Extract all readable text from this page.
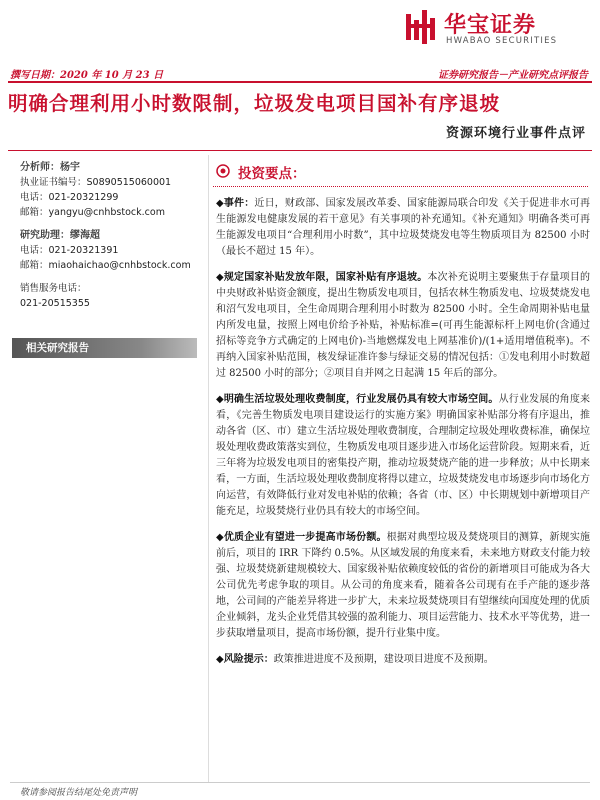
华宝证券
HWABAO SECURITIES
撰写日期：2020 年 10 月 23 日	证券研究报告－产业研究点评报告
明确合理利用小时数限制，垃圾发电项目国补有序退坡
资源环境行业事件点评
分析师：杨宇
执业证书编号：S0890515060001
电话：021-20321299
邮箱：yangyu@cnhbstock.com
研究助理：缪海超
电话：021-20321391
邮箱：miaohaichao@cnhbstock.com
销售服务电话：
021-20515355
相关研究报告
投资要点：

◆事件：近日，财政部、国家发展改革委、国家能源局联合印发《关于促进非水可再生能源发电健康发展的若干意见》有关事项的补充通知。《补充通知》明确各类可再生能源发电项目“合理利用小时数”，其中垃圾焚烧发电等生物质项目为 82500 小时（最长不超过 15 年）。

◆规定国家补贴发放年限，国家补贴有序退坡。本次补充说明主要聚焦于存量项目的中央财政补贴资金额度，提出生物质发电项目，包括农林生物质发电、垃圾焚烧发电和沼气发电项目，全生命周期合理利用小时数为 82500 小时。全生命周期补贴电量内所发电量，按照上网电价给予补贴，补贴标准=(可再生能源标杆上网电价(含通过招标等竞争方式确定的上网电价)-当地燃煤发电上网基准价)/(1+适用增值税率)。不再纳入国家补贴范围，核发绿证准许参与绿证交易的情况包括：①发电利用小时数超过 82500 小时的部分；②项目自并网之日起满 15 年后的部分。

◆明确生活垃圾处理收费制度，行业发展仍具有较大市场空间。从行业发展的角度来看，《完善生物质发电项目建设运行的实施方案》明确国家补贴部分将有序退出，推动各省（区、市）建立生活垃圾处理收费制度，合理制定垃圾处理收费标准，确保垃圾处理收费政策落实到位，生物质发电项目逐步进入市场化运营阶段。短期来看，近三年将为垃圾发电项目的密集投产期，推动垃圾焚烧产能的进一步释放；从中长期来看，一方面，生活垃圾处理收费制度将得以建立，垃圾焚烧发电市场逐步向市场化方向运营，有效降低行业对发电补贴的依赖；各省（市、区）中长期规划中新增项目产能充足，垃圾焚烧行业仍具有较大的市场空间。

◆优质企业有望进一步提高市场份额。根据对典型垃圾及焚烧项目的测算，新规实施前后，项目的 IRR 下降约 0.5%。从区域发展的角度来看，未来地方财政支付能力较强、垃圾焚烧新建规模较大、国家级补贴依赖度较低的省份的新增项目可能成为各大公司优先考虑争取的项目。从公司的角度来看，随着各公司现有在手产能的逐步落地，公司间的产能差异将进一步扩大，未来垃圾焚烧项目有望继续向国度处理的优质企业倾斜，龙头企业凭借其较强的盈利能力、项目运营能力、技术水平等优势，进一步获取增量项目，提高市场份额，提升行业集中度。

◆风险提示：政策推进进度不及预期，建设项目进度不及预期。

敬请参阅报告结尾处免责声明
